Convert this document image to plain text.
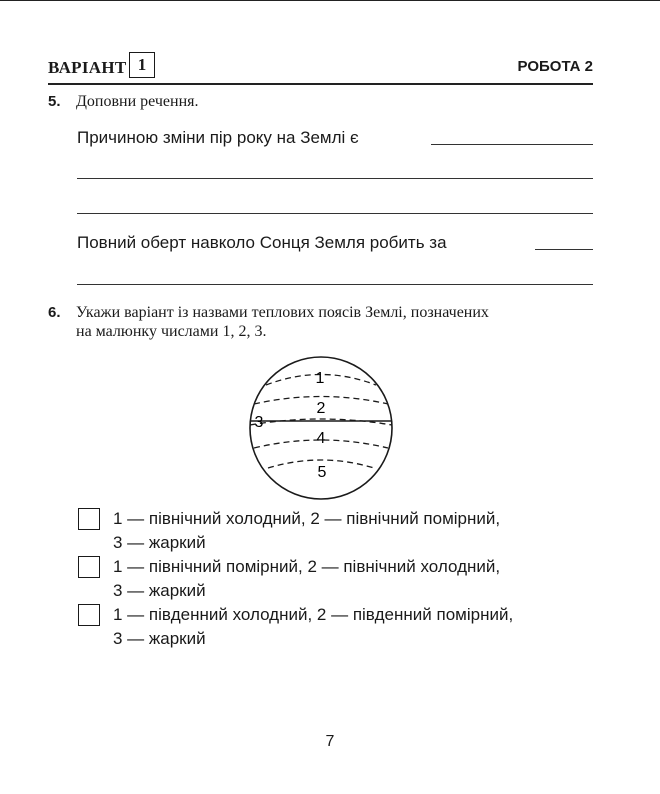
ВАРІАНТ 1	РОБОТА 2
5. Доповни речення.
Причиною зміни пір року на Землі є
Повний оберт навколо Сонця Земля робить за
6. Укажи варіант із назвами теплових поясів Землі, позначених
на малюнку числами 1, 2, 3.
1
2
3
4
5
1 — північний холодний, 2 — північний помірний,
3 — жаркий
1 — північний помірний, 2 — північний холодний,
3 — жаркий
1 — південний холодний, 2 — південний помірний,
3 — жаркий
7
